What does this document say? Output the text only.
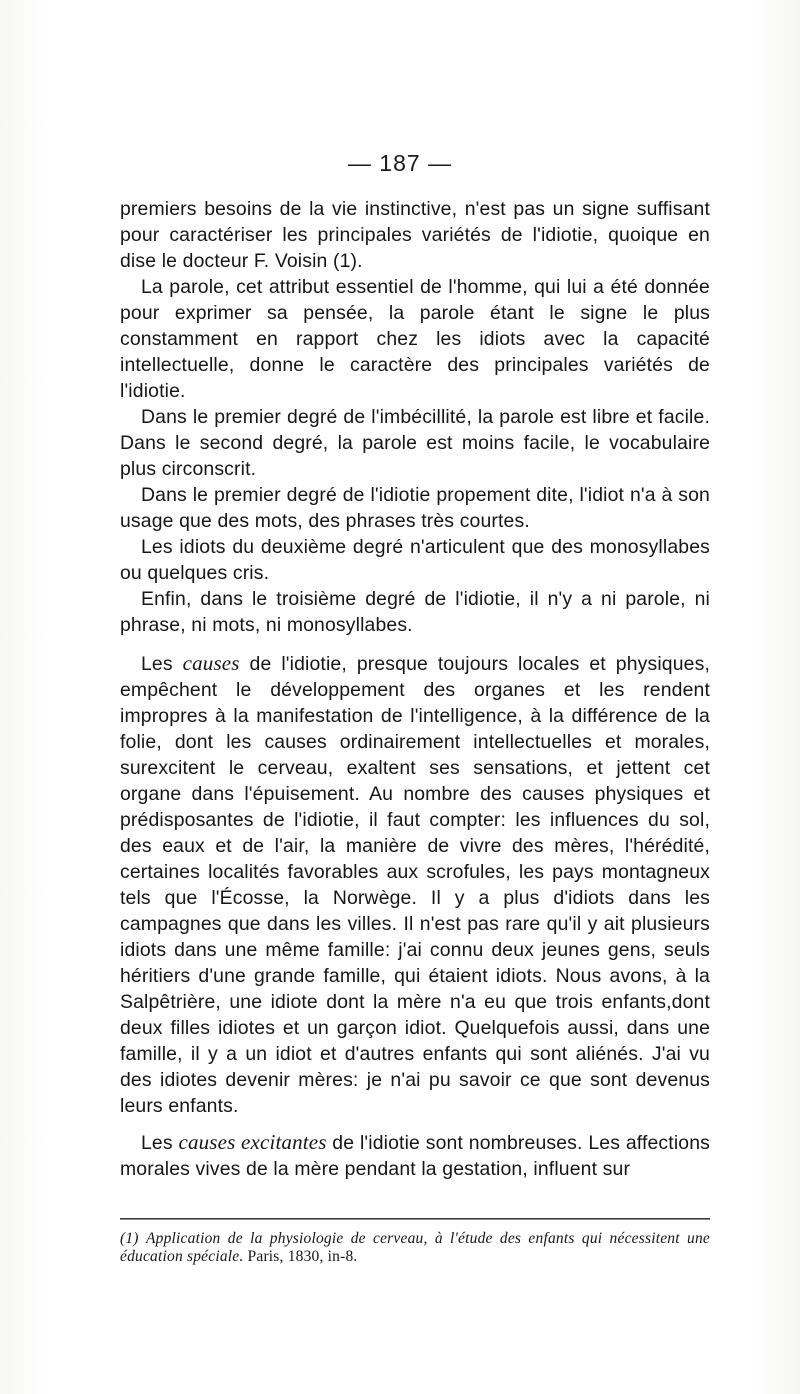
— 187 —

premiers besoins de la vie instinctive, n'est pas un signe suffisant pour caractériser les principales variétés de l'idiotie, quoique en dise le docteur F. Voisin (1).

La parole, cet attribut essentiel de l'homme, qui lui a été donnée pour exprimer sa pensée, la parole étant le signe le plus constamment en rapport chez les idiots avec la capacité intellectuelle, donne le caractère des principales variétés de l'idiotie.

Dans le premier degré de l'imbécillité, la parole est libre et facile. Dans le second degré, la parole est moins facile, le vocabulaire plus circonscrit.

Dans le premier degré de l'idiotie propement dite, l'idiot n'a à son usage que des mots, des phrases très courtes.

Les idiots du deuxième degré n'articulent que des monosyllabes ou quelques cris.

Enfin, dans le troisième degré de l'idiotie, il n'y a ni parole, ni phrase, ni mots, ni monosyllabes.

Les causes de l'idiotie, presque toujours locales et physiques, empêchent le développement des organes et les rendent impropres à la manifestation de l'intelligence, à la différence de la folie, dont les causes ordinairement intellectuelles et morales, surexcitent le cerveau, exaltent ses sensations, et jettent cet organe dans l'épuisement. Au nombre des causes physiques et prédisposantes de l'idiotie, il faut compter: les influences du sol, des eaux et de l'air, la manière de vivre des mères, l'hérédité, certaines localités favorables aux scrofules, les pays montagneux tels que l'Écosse, la Norwège. Il y a plus d'idiots dans les campagnes que dans les villes. Il n'est pas rare qu'il y ait plusieurs idiots dans une même famille: j'ai connu deux jeunes gens, seuls héritiers d'une grande famille, qui étaient idiots. Nous avons, à la Salpêtrière, une idiote dont la mère n'a eu que trois enfants,dont deux filles idiotes et un garçon idiot. Quelquefois aussi, dans une famille, il y a un idiot et d'autres enfants qui sont aliénés. J'ai vu des idiotes devenir mères: je n'ai pu savoir ce que sont devenus leurs enfants.

Les causes excitantes de l'idiotie sont nombreuses. Les affections morales vives de la mère pendant la gestation, influent sur

(1) Application de la physiologie de cerveau, à l'étude des enfants qui nécessitent une éducation spéciale. Paris, 1830, in-8.
